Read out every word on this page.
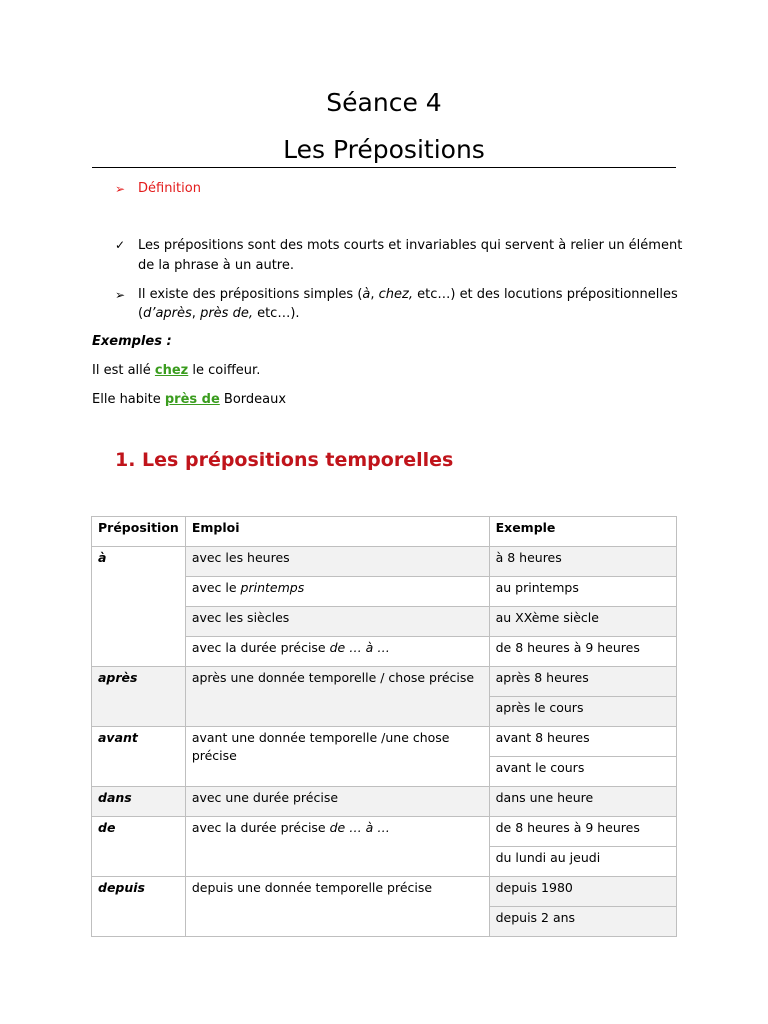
Séance 4
Les Prépositions
➢ Définition
✓ Les prépositions sont des mots courts et invariables qui servent à relier un élément
de la phrase à un autre.
➢ Il existe des prépositions simples (à, chez, etc…) et des locutions prépositionnelles
(d’après, près de, etc…).
Exemples :
Il est allé chez le coiffeur.
Elle habite près de Bordeaux
1. Les prépositions temporelles
Préposition	Emploi	Exemple
à	avec les heures	à 8 heures
	avec le printemps	au printemps
	avec les siècles	au XXème siècle
	avec la durée précise de … à …	de 8 heures à 9 heures
après	après une donnée temporelle / chose précise	après 8 heures
		après le cours
avant	avant une donnée temporelle /une chose précise	avant 8 heures
		avant le cours
dans	avec une durée précise	dans une heure
de	avec la durée précise de … à …	de 8 heures à 9 heures
		du lundi au jeudi
depuis	depuis une donnée temporelle précise	depuis 1980
		depuis 2 ans
